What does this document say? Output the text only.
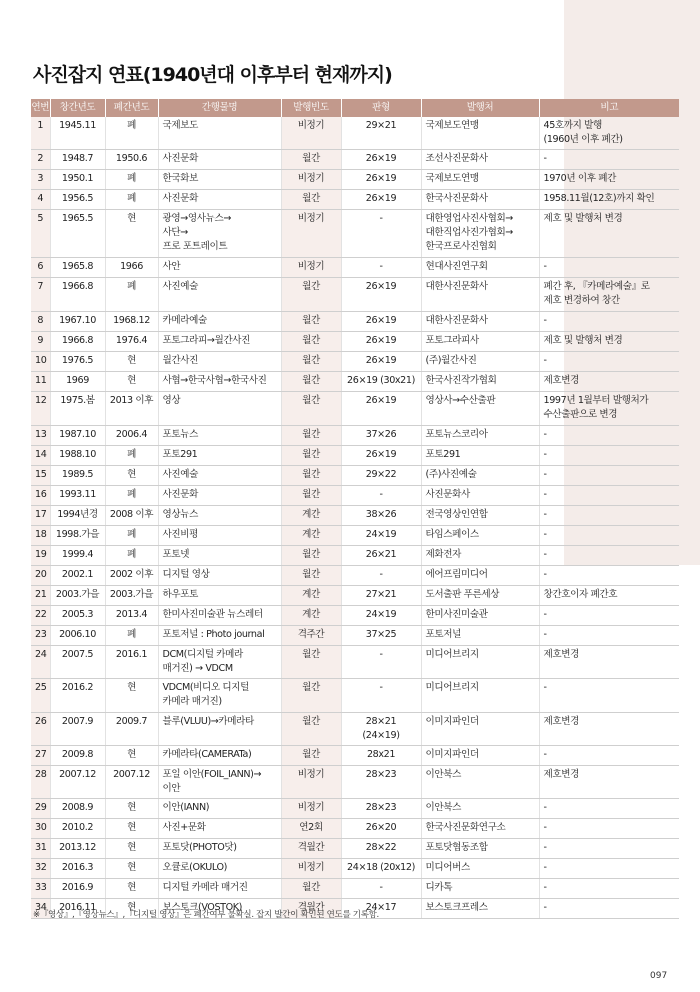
사진잡지 연표(1940년대 이후부터 현재까지)
연번	창간년도	폐간년도	간행물명	발행빈도	판형	발행처	비고
1	1945.11	폐	국제보도	비정기	29×21	국제보도연맹	45호까지 발행
(1960년 이후 폐간)
2	1948.7	1950.6	사진문화	월간	26×19	조선사진문화사	-
3	1950.1	폐	한국화보	비정기	26×19	국제보도연맹	1970년 이후 폐간
4	1956.5	폐	사진문화	월간	26×19	한국사진문화사	1958.11월(12호)까지 확인
5	1965.5	현	광영→영사뉴스→
사단→
프로 포트레이트	비정기	-	대한영업사진사협회→
대한직업사진가협회→
한국프로사진협회	제호 및 발행처 변경
6	1965.8	1966	사안	비정기	-	현대사진연구회	-
7	1966.8	폐	사진예술	월간	26×19	대한사진문화사	폐간 후, 『카메라예술』로
제호 변경하여 창간
8	1967.10	1968.12	카메라예술	월간	26×19	대한사진문화사	-
9	1966.8	1976.4	포토그라피→월간사진	월간	26×19	포토그라피사	제호 및 발행처 변경
10	1976.5	현	월간사진	월간	26×19	(주)월간사진	-
11	1969	현	사협→한국사협→한국사진	월간	26×19 (30x21)	한국사진작가협회	제호변경
12	1975.봄	2013 이후	영상	월간	26×19	영상사→수산출판	1997년 1월부터 발행처가
수산출판으로 변경
13	1987.10	2006.4	포토뉴스	월간	37×26	포토뉴스코리아	-
14	1988.10	폐	포토291	월간	26×19	포토291	-
15	1989.5	현	사진예술	월간	29×22	(주)사진예술	-
16	1993.11	폐	사진문화	월간	-	사진문화사	-
17	1994년경	2008 이후	영상뉴스	계간	38×26	전국영상인연합	-
18	1998.가을	폐	사진비평	계간	24×19	타임스페이스	-
19	1999.4	폐	포토넷	월간	26×21	제화전자	-
20	2002.1	2002 이후	디지털 영상	월간	-	에어프림미디어	-
21	2003.가을	2003.가을	하우포토	계간	27×21	도서출판 푸른세상	창간호이자 폐간호
22	2005.3	2013.4	한미사진미술관 뉴스레터	계간	24×19	한미사진미술관	-
23	2006.10	폐	포토저널 : Photo journal	격주간	37×25	포토저널	-
24	2007.5	2016.1	DCM(디지털 카메라
매거진) → VDCM	월간	-	미디어브리지	제호변경
25	2016.2	현	VDCM(비디오 디지털
카메라 매거진)	월간	-	미디어브리지	-
26	2007.9	2009.7	블루(VLUU)→카메라타	월간	28×21
(24×19)	이미지파인더	제호변경
27	2009.8	현	카메라타(CAMERATa)	월간	28x21	이미지파인더	-
28	2007.12	2007.12	포일 이안(FOIL_IANN)→
이안	비정기	28×23	이안북스	제호변경
29	2008.9	현	이안(IANN)	비정기	28×23	이안북스	-
30	2010.2	현	사진+문화	연2회	26×20	한국사진문화연구소	-
31	2013.12	현	포토닷(PHOTO닷)	격월간	28×22	포토닷협동조합	-
32	2016.3	현	오큘로(OKULO)	비정기	24×18 (20x12)	미디어버스	-
33	2016.9	현	디지털 카메라 매거진	월간	-	디카톡	-
34	2016.11	현	보스토크(VOSTOK)	격월간	24×17	보스토크프레스	-
※『영상』,『영상뉴스』,『디지털 영상』은 폐간여부 불확실. 잡지 발간이 확인된 연도를 기록함.
097
